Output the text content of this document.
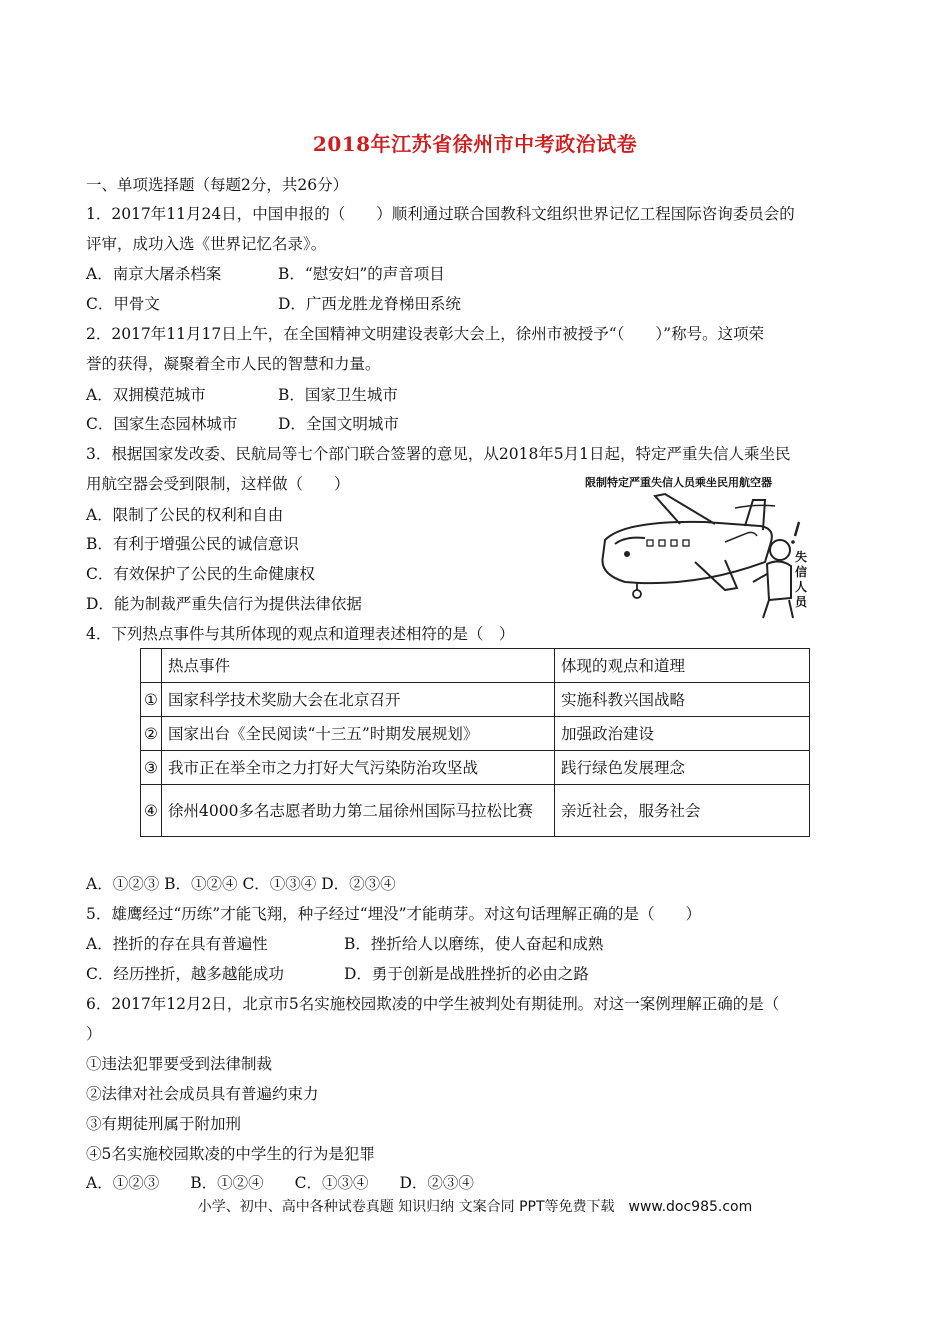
2018年江苏省徐州市中考政治试卷
一、单项选择题（每题2分，共26分）
1．2017年11月24日，中国申报的（　　）顺利通过联合国教科文组织世界记忆工程国际咨询委员会的
评审，成功入选《世界记忆名录》。
A．南京大屠杀档案	B．“慰安妇”的声音项目
C．甲骨文	D．广西龙胜龙脊梯田系统
2．2017年11月17日上午，在全国精神文明建设表彰大会上，徐州市被授予“（　　）”称号。这项荣
誉的获得，凝聚着全市人民的智慧和力量。
A．双拥模范城市	B．国家卫生城市
C．国家生态园林城市	D．全国文明城市
3．根据国家发改委、民航局等七个部门联合签署的意见，从2018年5月1日起，特定严重失信人乘坐民
用航空器会受到限制，这样做（　　）
A．限制了公民的权利和自由
B．有利于增强公民的诚信意识
C．有效保护了公民的生命健康权
D．能为制裁严重失信行为提供法律依据
限制特定严重失信人员乘坐民用航空器
失信人员
4．下列热点事件与其所体现的观点和道理表述相符的是（　）
	热点事件	体现的观点和道理
①	国家科学技术奖励大会在北京召开	实施科教兴国战略
②	国家出台《全民阅读“十三五”时期发展规划》	加强政治建设
③	我市正在举全市之力打好大气污染防治攻坚战	践行绿色发展理念
④	徐州4000多名志愿者助力第二届徐州国际马拉松比赛	亲近社会，服务社会
A．①②③ B．①②④ C．①③④ D．②③④
5．雄鹰经过“历练”才能飞翔，种子经过“埋没”才能萌芽。对这句话理解正确的是（　　）
A．挫折的存在具有普遍性	B．挫折给人以磨练，使人奋起和成熟
C．经历挫折，越多越能成功	D．勇于创新是战胜挫折的必由之路
6．2017年12月2日，北京市5名实施校园欺凌的中学生被判处有期徒刑。对这一案例理解正确的是（
）
①违法犯罪要受到法律制裁
②法律对社会成员具有普遍约束力
③有期徒刑属于附加刑
④5名实施校园欺凌的中学生的行为是犯罪
A．①②③　　B．①②④　　C．①③④　　D．②③④
小学、初中、高中各种试卷真题 知识归纳 文案合同 PPT等免费下载　www.doc985.com
